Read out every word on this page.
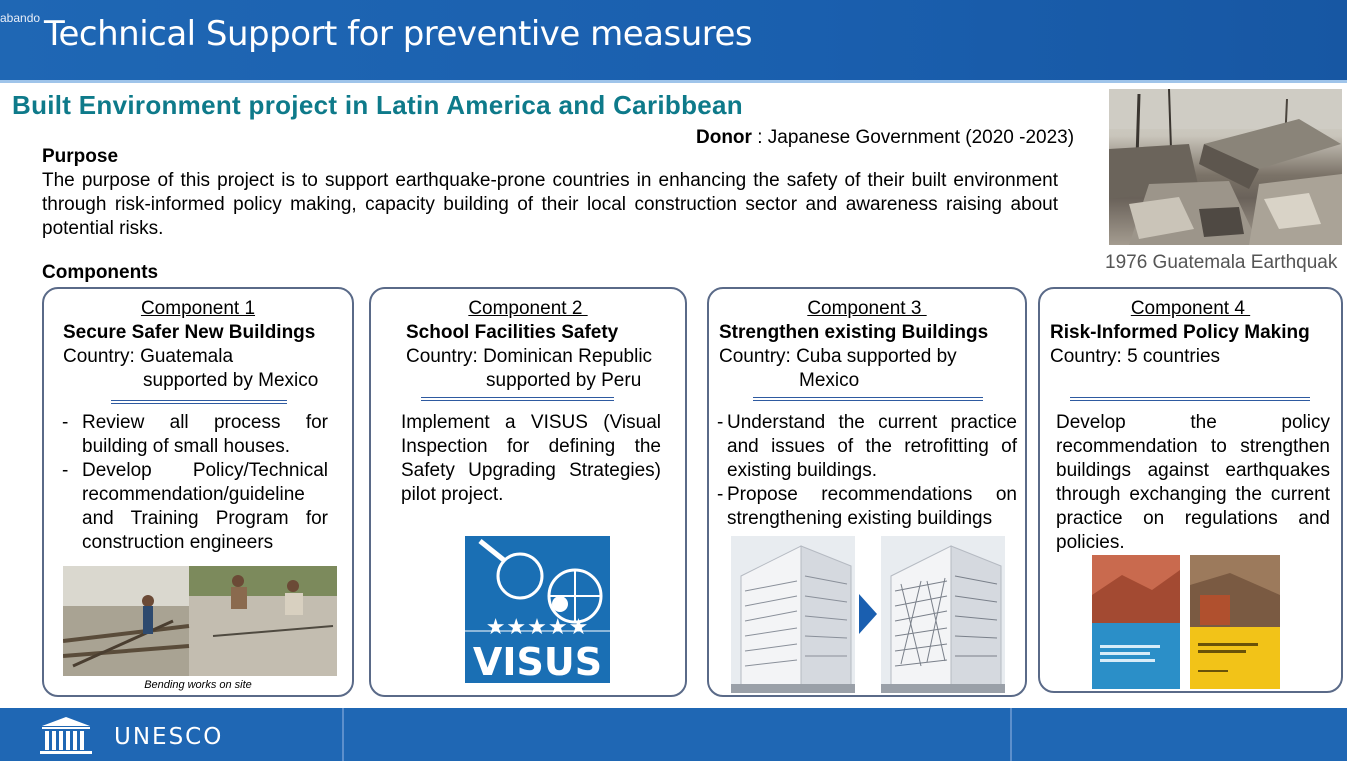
abando Technical Support for preventive measures
Built Environment project in Latin America and Caribbean
Donor : Japanese Government (2020 -2023)
Purpose
The purpose of this project is to support earthquake-prone countries in enhancing the safety of their built environment through risk-informed policy making, capacity building of their local construction sector and awareness raising about potential risks.
Components	1976 Guatemala Earthquak
Component 1
Secure Safer New Buildings
Country: Guatemala
supported by Mexico
- Review all process for building of small houses.
- Develop Policy/Technical recommendation/guideline and Training Program for construction engineers
Bending works on site
Component 2
School Facilities Safety
Country: Dominican Republic
supported by Peru
Implement a VISUS (Visual Inspection for defining the Safety Upgrading Strategies) pilot project.
★★★★★
VISUS
Component 3
Strengthen existing Buildings
Country: Cuba supported by
Mexico
- Understand the current practice and issues of the retrofitting of existing buildings.
- Propose recommendations on strengthening existing buildings
Component 4
Risk-Informed Policy Making
Country: 5 countries
Develop the policy recommendation to strengthen buildings against earthquakes through exchanging the current practice on regulations and policies.
UNESCO
